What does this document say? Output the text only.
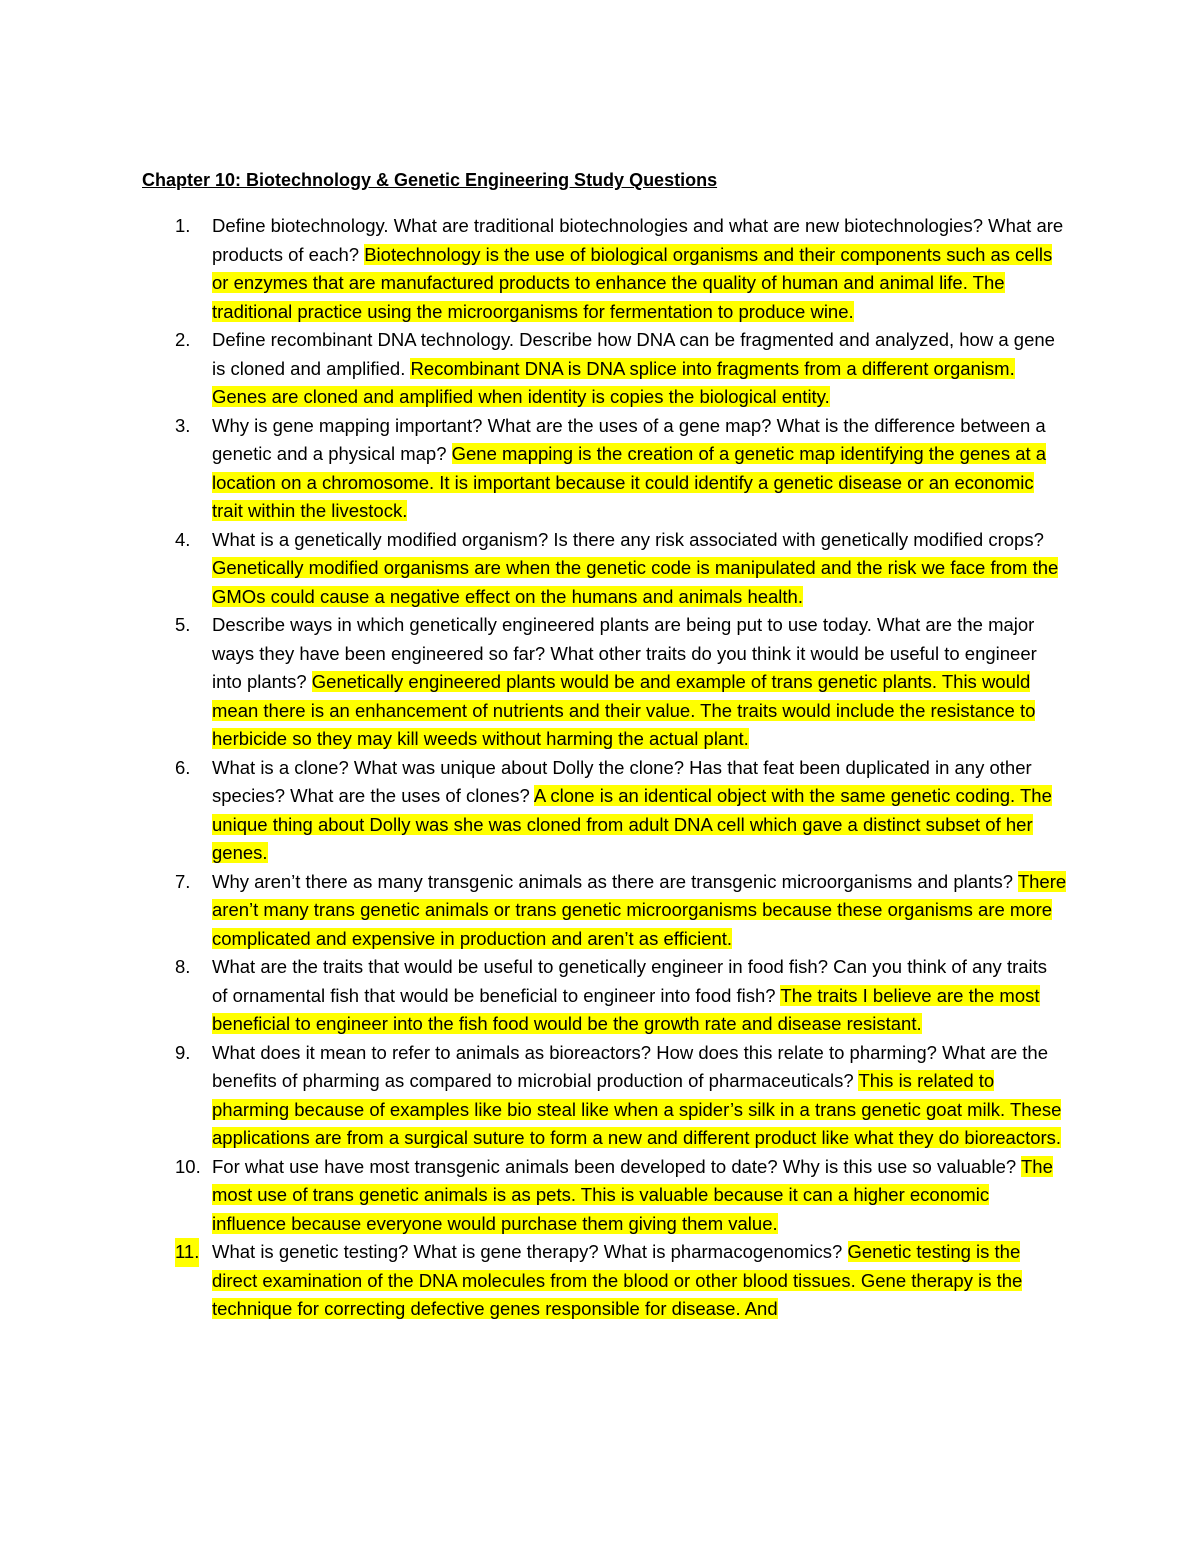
Chapter 10: Biotechnology & Genetic Engineering Study Questions
1. Define biotechnology. What are traditional biotechnologies and what are new biotechnologies? What are products of each? Biotechnology is the use of biological organisms and their components such as cells or enzymes that are manufactured products to enhance the quality of human and animal life. The traditional practice using the microorganisms for fermentation to produce wine.
2. Define recombinant DNA technology. Describe how DNA can be fragmented and analyzed, how a gene is cloned and amplified. Recombinant DNA is DNA splice into fragments from a different organism. Genes are cloned and amplified when identity is copies the biological entity.
3. Why is gene mapping important? What are the uses of a gene map? What is the difference between a genetic and a physical map? Gene mapping is the creation of a genetic map identifying the genes at a location on a chromosome. It is important because it could identify a genetic disease or an economic trait within the livestock.
4. What is a genetically modified organism? Is there any risk associated with genetically modified crops? Genetically modified organisms are when the genetic code is manipulated and the risk we face from the GMOs could cause a negative effect on the humans and animals health.
5. Describe ways in which genetically engineered plants are being put to use today. What are the major ways they have been engineered so far? What other traits do you think it would be useful to engineer into plants? Genetically engineered plants would be and example of trans genetic plants. This would mean there is an enhancement of nutrients and their value. The traits would include the resistance to herbicide so they may kill weeds without harming the actual plant.
6. What is a clone? What was unique about Dolly the clone? Has that feat been duplicated in any other species? What are the uses of clones? A clone is an identical object with the same genetic coding. The unique thing about Dolly was she was cloned from adult DNA cell which gave a distinct subset of her genes.
7. Why aren’t there as many transgenic animals as there are transgenic microorganisms and plants? There aren’t many trans genetic animals or trans genetic microorganisms because these organisms are more complicated and expensive in production and aren’t as efficient.
8. What are the traits that would be useful to genetically engineer in food fish? Can you think of any traits of ornamental fish that would be beneficial to engineer into food fish? The traits I believe are the most beneficial to engineer into the fish food would be the growth rate and disease resistant.
9. What does it mean to refer to animals as bioreactors? How does this relate to pharming? What are the benefits of pharming as compared to microbial production of pharmaceuticals? This is related to pharming because of examples like bio steal like when a spider’s silk in a trans genetic goat milk. These applications are from a surgical suture to form a new and different product like what they do bioreactors.
10. For what use have most transgenic animals been developed to date? Why is this use so valuable? The most use of trans genetic animals is as pets. This is valuable because it can a higher economic influence because everyone would purchase them giving them value.
11. What is genetic testing? What is gene therapy? What is pharmacogenomics? Genetic testing is the direct examination of the DNA molecules from the blood or other blood tissues. Gene therapy is the technique for correcting defective genes responsible for disease. And
